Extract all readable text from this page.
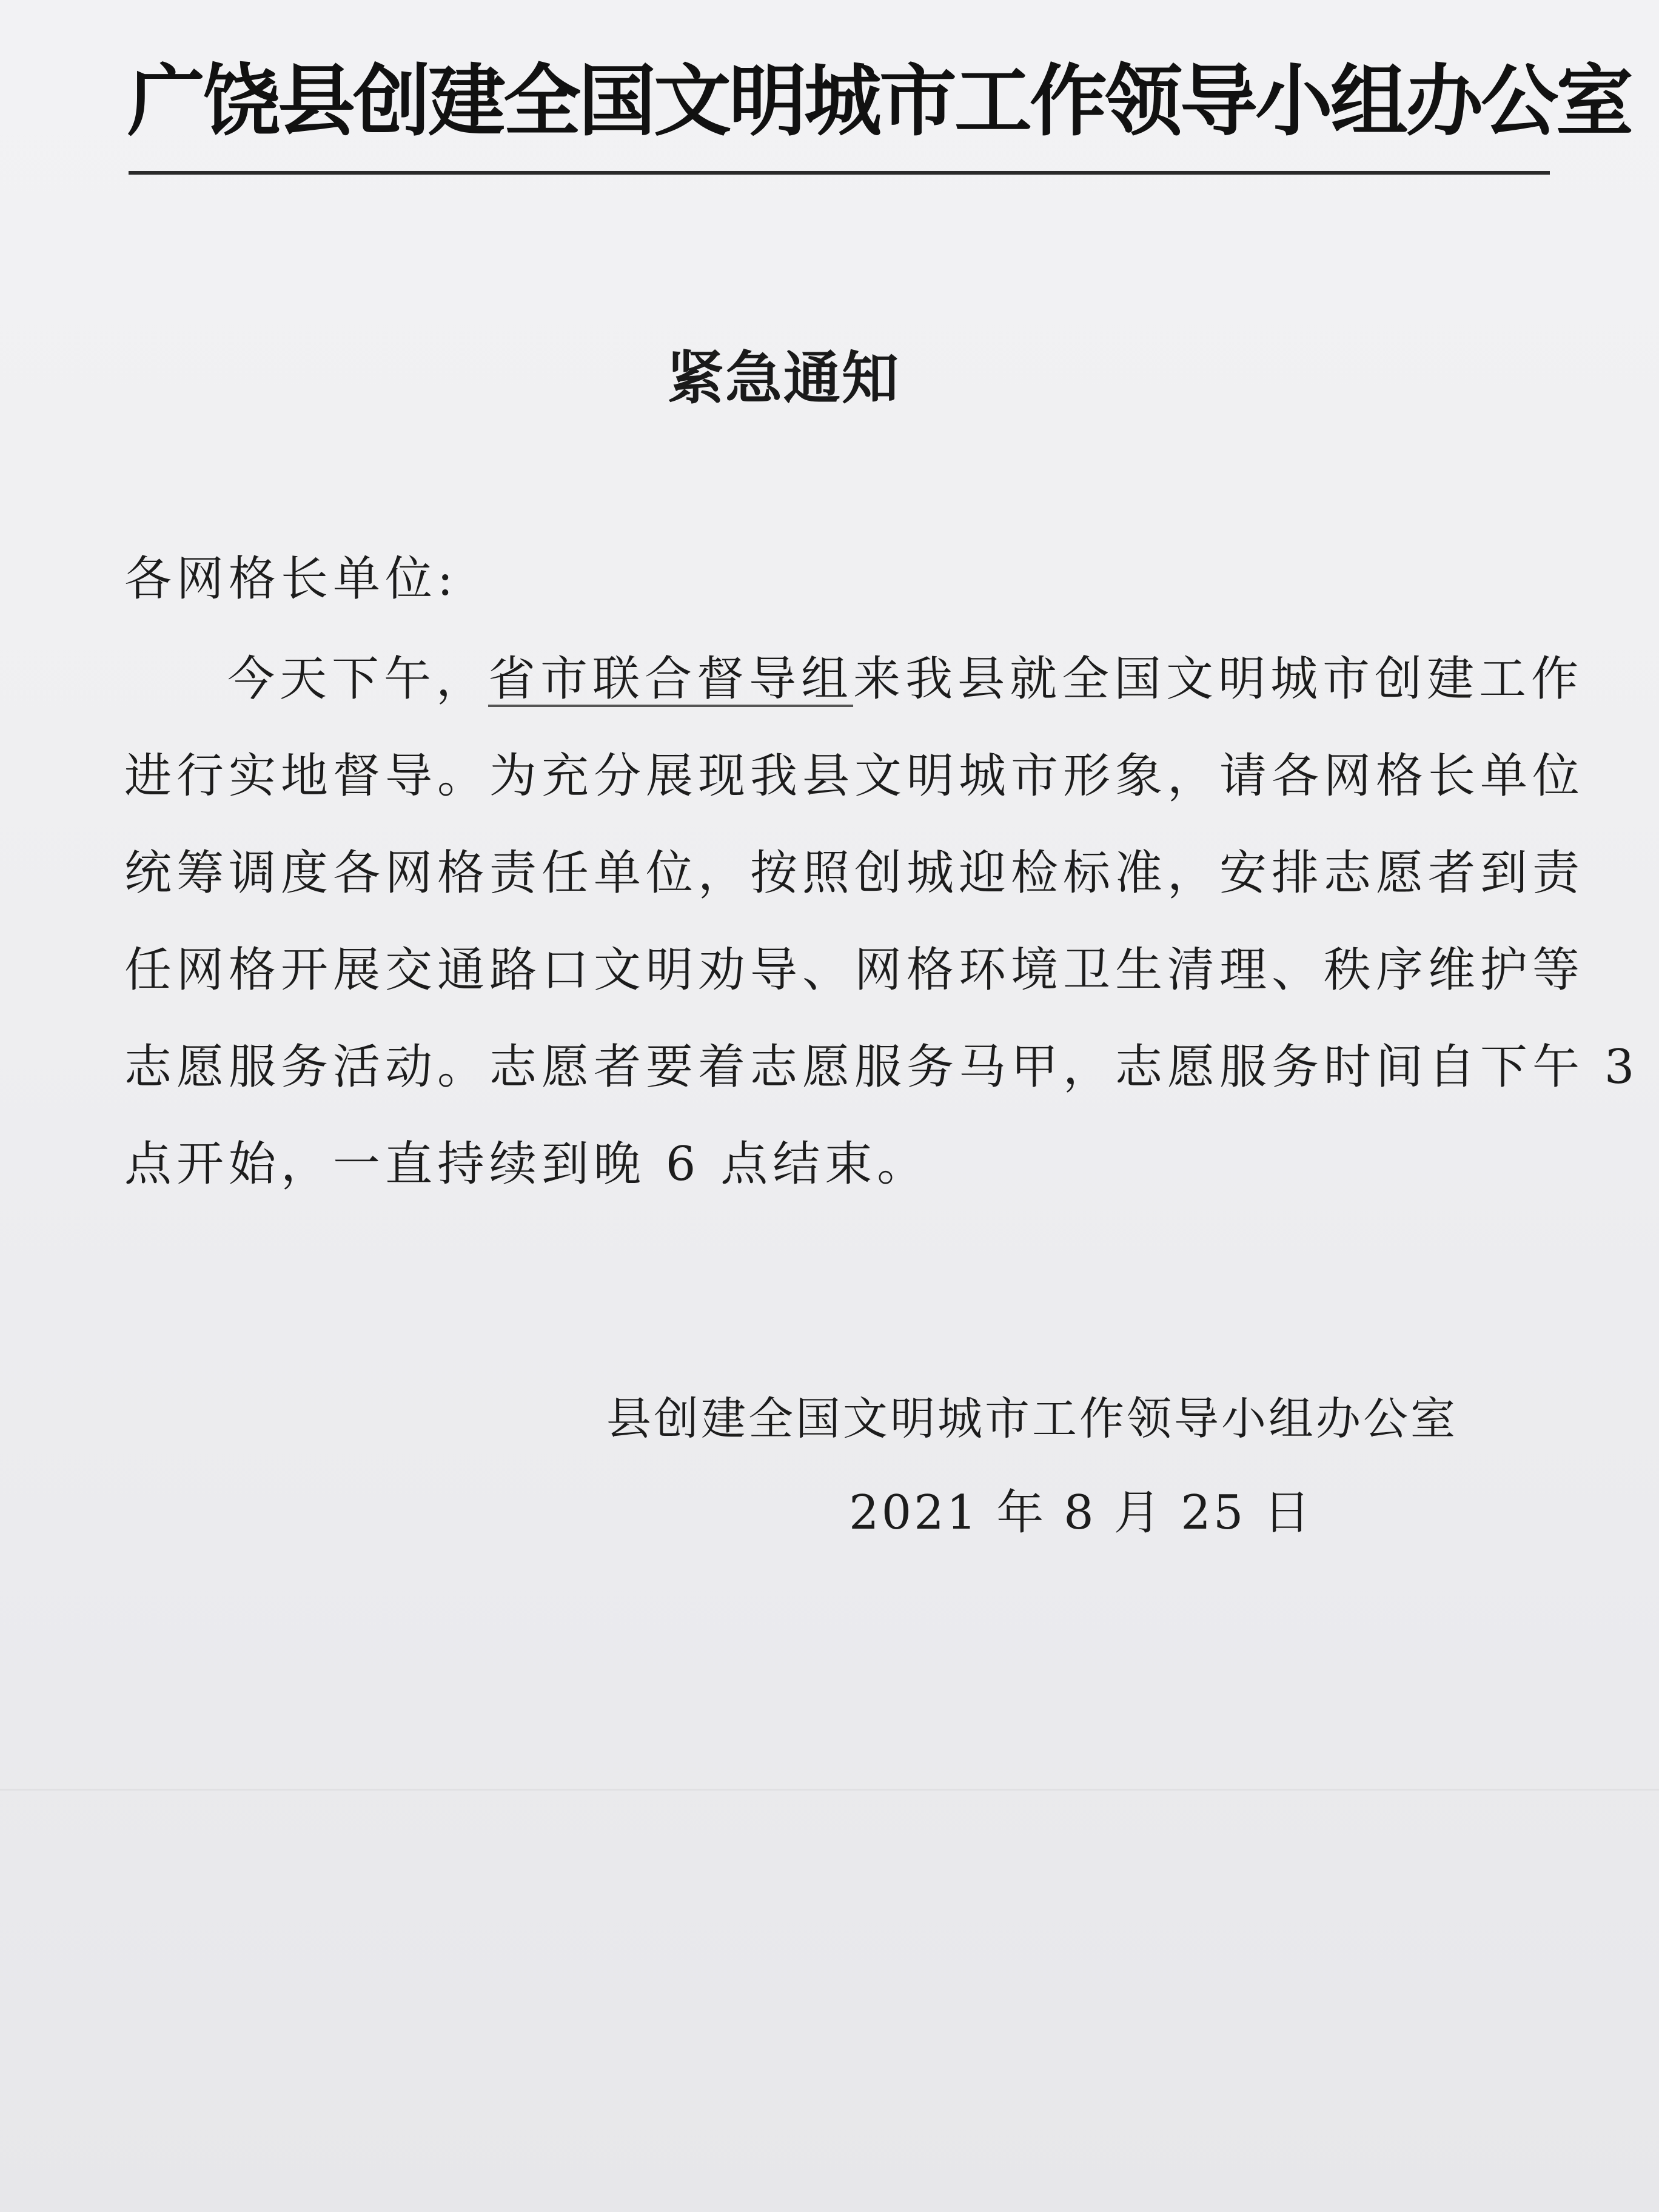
广饶县创建全国文明城市工作领导小组办公室
紧急通知
各网格长单位:
今天下午，省市联合督导组来我县就全国文明城市创建工作
进行实地督导。为充分展现我县文明城市形象，请各网格长单位
统筹调度各网格责任单位，按照创城迎检标准，安排志愿者到责
任网格开展交通路口文明劝导、网格环境卫生清理、秩序维护等
志愿服务活动。志愿者要着志愿服务马甲，志愿服务时间自下午 3
点开始，一直持续到晚 6 点结束。
县创建全国文明城市工作领导小组办公室
2021 年 8 月 25 日
